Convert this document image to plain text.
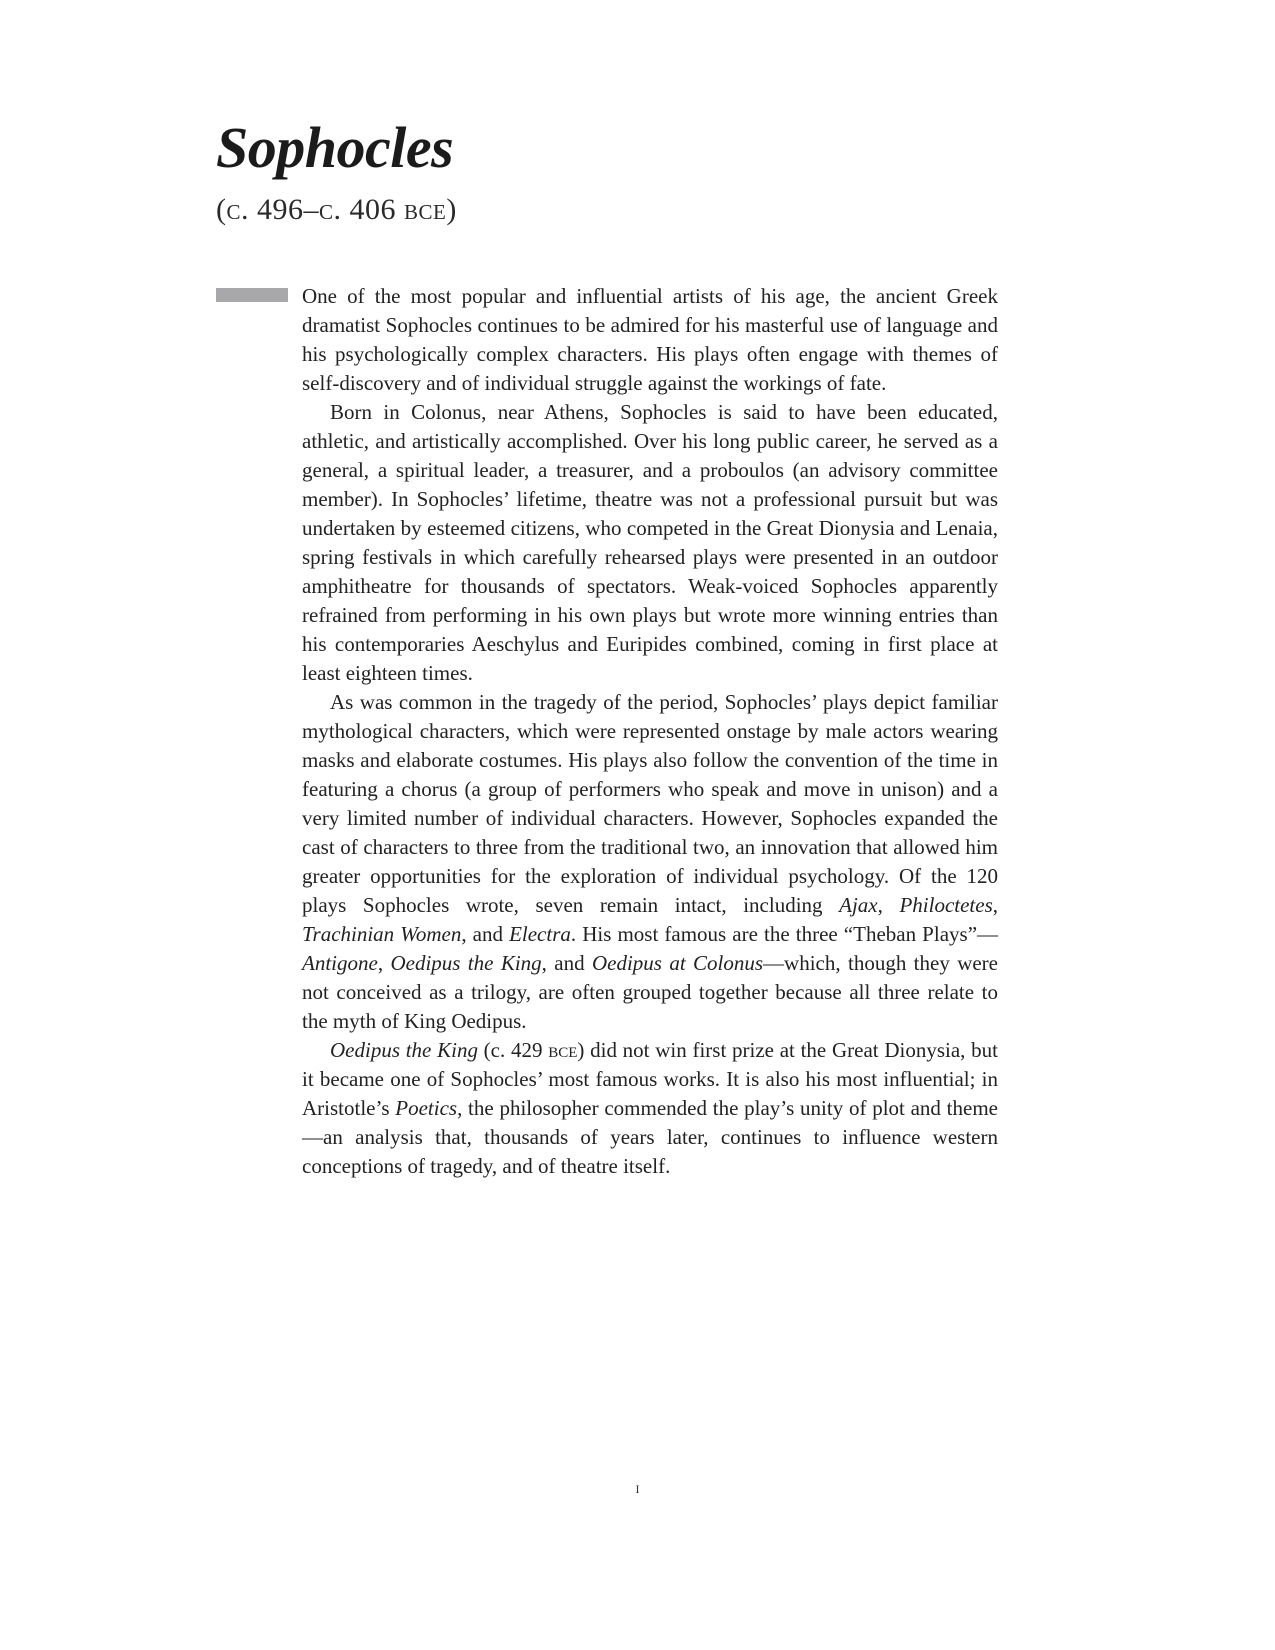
Sophocles
(c. 496–c. 406 bce)

One of the most popular and influential artists of his age, the ancient Greek dramatist Sophocles continues to be admired for his masterful use of language and his psychologically complex characters. His plays often engage with themes of self-discovery and of individual struggle against the workings of fate.

Born in Colonus, near Athens, Sophocles is said to have been educated, athletic, and artistically accomplished. Over his long public career, he served as a general, a spiritual leader, a treasurer, and a proboulos (an advisory committee member). In Sophocles’ lifetime, theatre was not a professional pursuit but was undertaken by esteemed citizens, who competed in the Great Dionysia and Lenaia, spring festivals in which carefully rehearsed plays were presented in an outdoor amphitheatre for thousands of spectators. Weak-voiced Sophocles apparently refrained from performing in his own plays but wrote more winning entries than his contemporaries Aeschylus and Euripides combined, coming in first place at least eighteen times.

As was common in the tragedy of the period, Sophocles’ plays depict familiar mythological characters, which were represented onstage by male actors wearing masks and elaborate costumes. His plays also follow the convention of the time in featuring a chorus (a group of performers who speak and move in unison) and a very limited number of individual characters. However, Sophocles expanded the cast of characters to three from the traditional two, an innovation that allowed him greater opportunities for the exploration of individual psychology. Of the 120 plays Sophocles wrote, seven remain intact, including Ajax, Philoctetes, Trachinian Women, and Electra. His most famous are the three “Theban Plays”—Antigone, Oedipus the King, and Oedipus at Colonus—which, though they were not conceived as a trilogy, are often grouped together because all three relate to the myth of King Oedipus.

Oedipus the King (c. 429 bce) did not win first prize at the Great Dionysia, but it became one of Sophocles’ most famous works. It is also his most influential; in Aristotle’s Poetics, the philosopher commended the play’s unity of plot and theme—an analysis that, thousands of years later, continues to influence western conceptions of tragedy, and of theatre itself.

i
